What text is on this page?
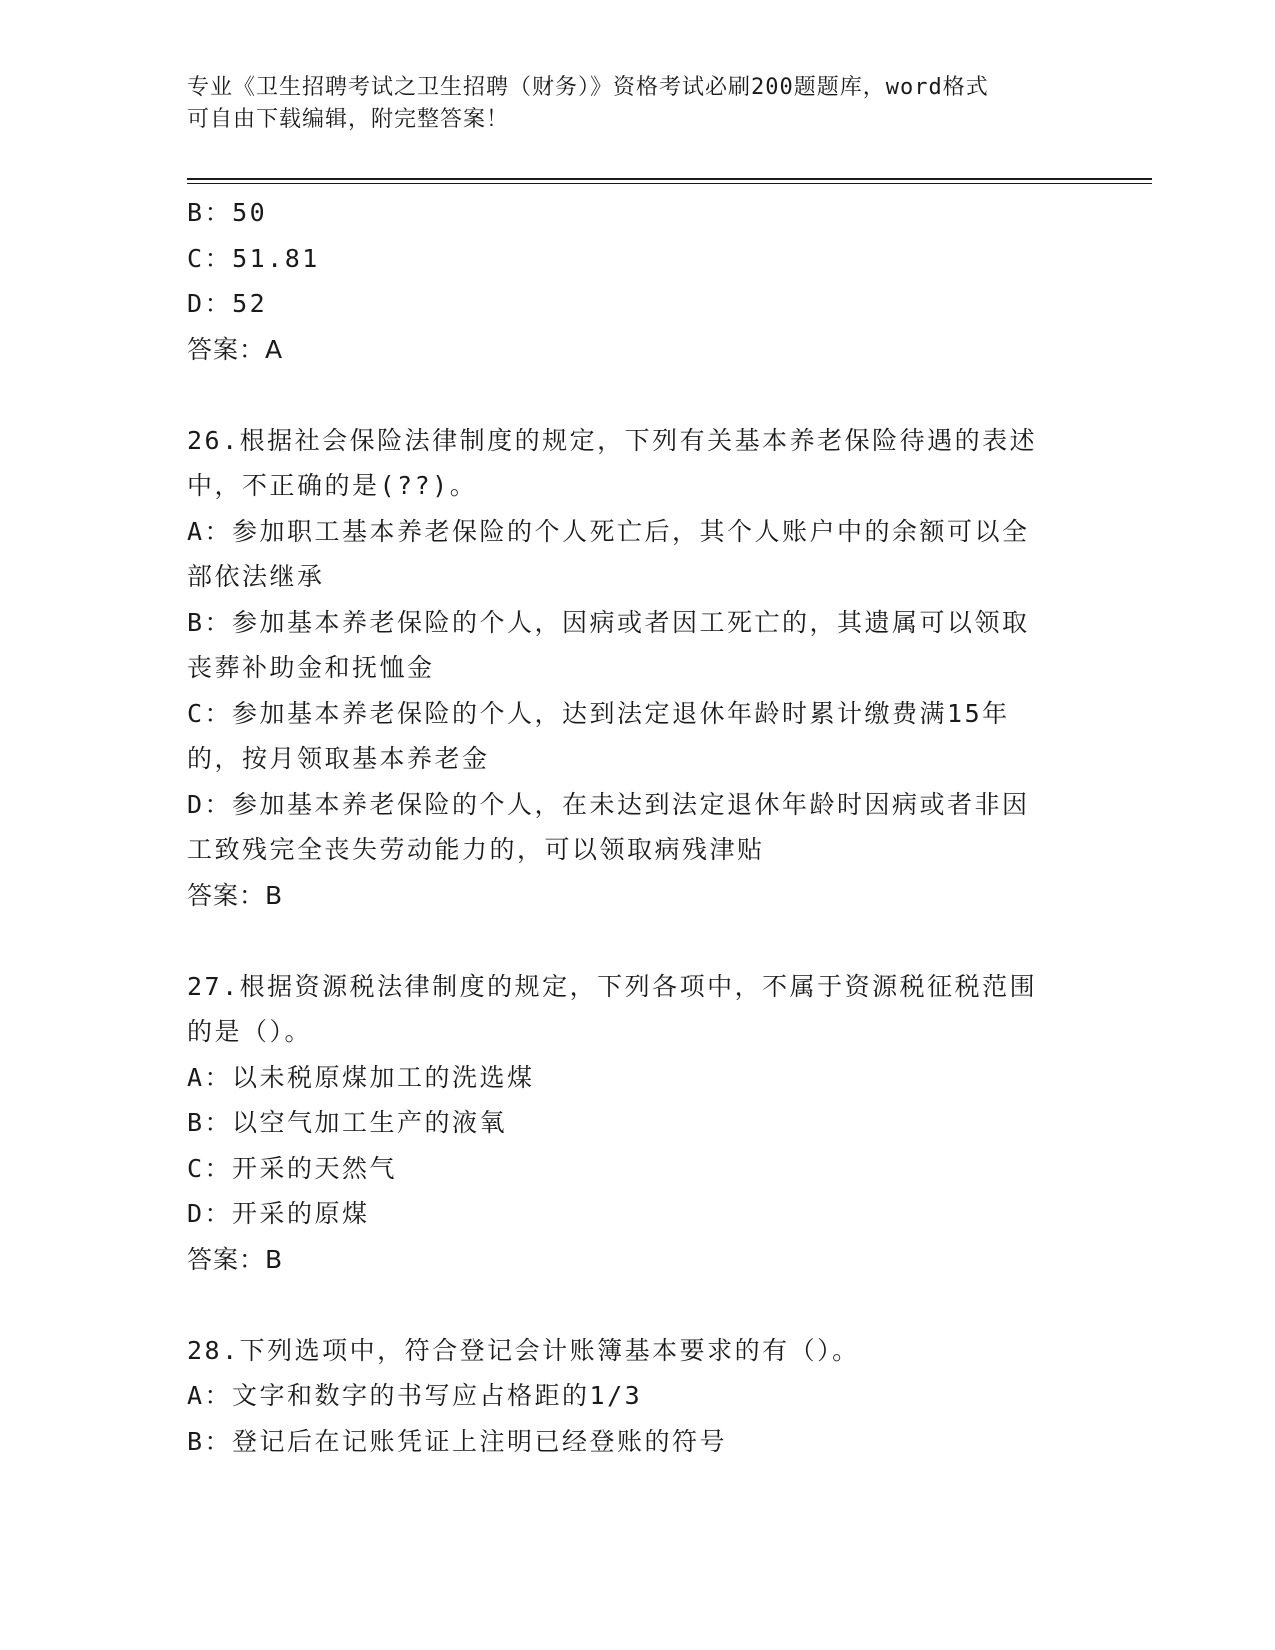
专业《卫生招聘考试之卫生招聘（财务）》资格考试必刷200题题库，word格式
可自由下载编辑，附完整答案！
B：50
C：51.81
D：52
答案：A
26.根据社会保险法律制度的规定，下列有关基本养老保险待遇的表述
中，不正确的是(??)。
A：参加职工基本养老保险的个人死亡后，其个人账户中的余额可以全
部依法继承
B：参加基本养老保险的个人，因病或者因工死亡的，其遗属可以领取
丧葬补助金和抚恤金
C：参加基本养老保险的个人，达到法定退休年龄时累计缴费满15年
的，按月领取基本养老金
D：参加基本养老保险的个人，在未达到法定退休年龄时因病或者非因
工致残完全丧失劳动能力的，可以领取病残津贴
答案：B
27.根据资源税法律制度的规定，下列各项中，不属于资源税征税范围
的是（）。
A：以未税原煤加工的洗选煤
B：以空气加工生产的液氧
C：开采的天然气
D：开采的原煤
答案：B
28.下列选项中，符合登记会计账簿基本要求的有（）。
A：文字和数字的书写应占格距的1/3
B：登记后在记账凭证上注明已经登账的符号
